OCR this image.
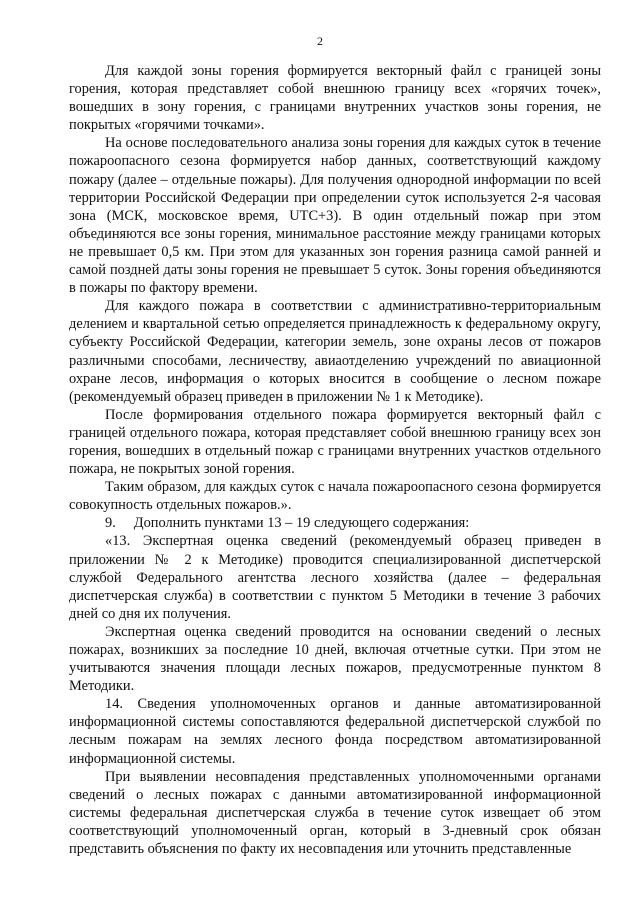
2

Для каждой зоны горения формируется векторный файл с границей зоны горения, которая представляет собой внешнюю границу всех «горячих точек», вошедших в зону горения, с границами внутренних участков зоны горения, не покрытых «горячими точками».

На основе последовательного анализа зоны горения для каждых суток в течение пожароопасного сезона формируется набор данных, соответствующий каждому пожару (далее – отдельные пожары). Для получения однородной информации по всей территории Российской Федерации при определении суток используется 2-я часовая зона (МСК, московское время, UTC+3). В один отдельный пожар при этом объединяются все зоны горения, минимальное расстояние между границами которых не превышает 0,5 км. При этом для указанных зон горения разница самой ранней и самой поздней даты зоны горения не превышает 5 суток. Зоны горения объединяются в пожары по фактору времени.

Для каждого пожара в соответствии с административно-территориальным делением и квартальной сетью определяется принадлежность к федеральному округу, субъекту Российской Федерации, категории земель, зоне охраны лесов от пожаров различными способами, лесничеству, авиаотделению учреждений по авиационной охране лесов, информация о которых вносится в сообщение о лесном пожаре (рекомендуемый образец приведен в приложении № 1 к Методике).

После формирования отдельного пожара формируется векторный файл с границей отдельного пожара, которая представляет собой внешнюю границу всех зон горения, вошедших в отдельный пожар с границами внутренних участков отдельного пожара, не покрытых зоной горения.

Таким образом, для каждых суток с начала пожароопасного сезона формируется совокупность отдельных пожаров.».

9.     Дополнить пунктами 13 – 19 следующего содержания:

«13. Экспертная оценка сведений (рекомендуемый образец приведен в приложении № 2 к Методике) проводится специализированной диспетчерской службой Федерального агентства лесного хозяйства (далее – федеральная диспетчерская служба) в соответствии с пунктом 5 Методики в течение 3 рабочих дней со дня их получения.

Экспертная оценка сведений проводится на основании сведений о лесных пожарах, возникших за последние 10 дней, включая отчетные сутки. При этом не учитываются значения площади лесных пожаров, предусмотренные пунктом 8 Методики.

14. Сведения уполномоченных органов и данные автоматизированной информационной системы сопоставляются федеральной диспетчерской службой по лесным пожарам на землях лесного фонда посредством автоматизированной информационной системы.

При выявлении несовпадения представленных уполномоченными органами сведений о лесных пожарах с данными автоматизированной информационной системы федеральная диспетчерская служба в течение суток извещает об этом соответствующий уполномоченный орган, который в 3-дневный срок обязан представить объяснения по факту их несовпадения или уточнить представленные
